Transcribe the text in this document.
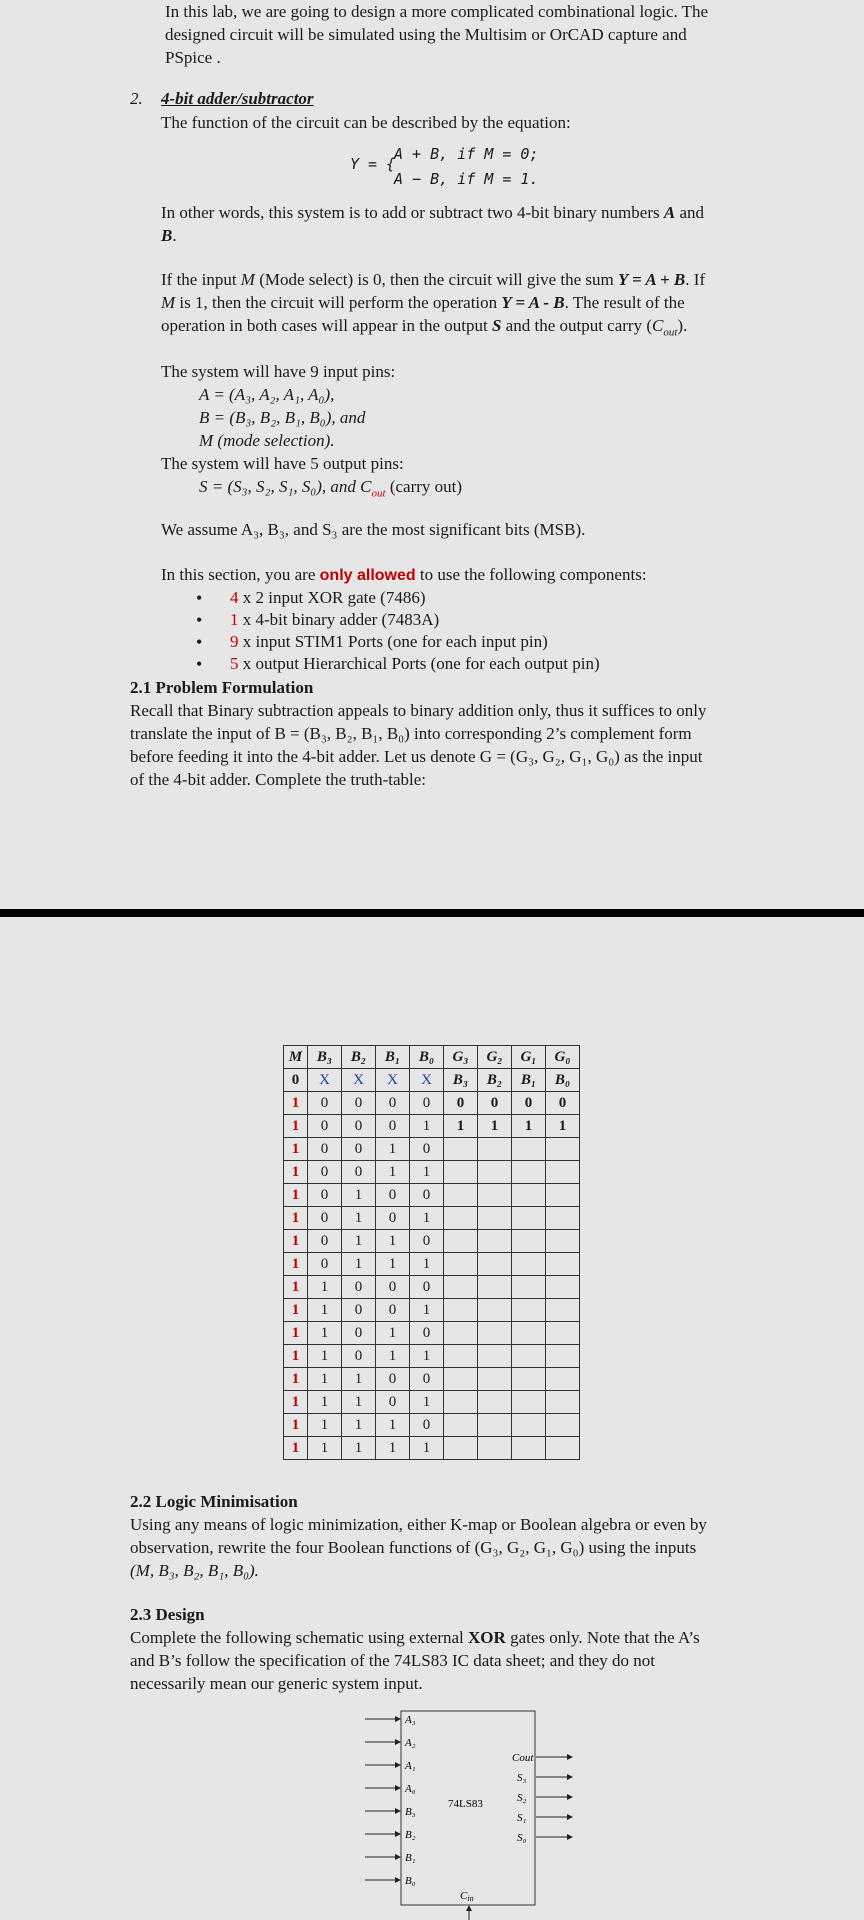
In this lab, we are going to design a more complicated combinational logic. The
designed circuit will be simulated using the Multisim or OrCAD capture and
PSpice .
2. 4-bit adder/subtractor
The function of the circuit can be described by the equation:
Y = {
A + B, if M = 0;
A − B, if M = 1.
In other words, this system is to add or subtract two 4-bit binary numbers A and
B.
If the input M (Mode select) is 0, then the circuit will give the sum Y = A + B. If
M is 1, then the circuit will perform the operation Y = A - B. The result of the
operation in both cases will appear in the output S and the output carry $(C_{out})$.
The system will have 9 input pins:
A = (A₃, A₂, A₁, A₀),
B = (B₃, B₂, B₁, B₀), and
M (mode selection).
The system will have 5 output pins:
S = (S₃, S₂, S₁, S₀), and $C_{out}$ (carry out)
We assume A₃, B₃, and S₃ are the most significant bits (MSB).
In this section, you are only allowed to use the following components:
• 4 x 2 input XOR gate (7486)
• 1 x 4-bit binary adder (7483A)
• 9 x input STIM1 Ports (one for each input pin)
• 5 x output Hierarchical Ports (one for each output pin)
2.1 Problem Formulation
Recall that Binary subtraction appeals to binary addition only, thus it suffices to only
translate the input of B = (B₃, B₂, B₁, B₀) into corresponding 2’s complement form
before feeding it into the 4-bit adder. Let us denote G = (G₃, G₂, G₁, G₀) as the input
of the 4-bit adder. Complete the truth-table:
M	B₃	B₂	B₁	B₀	G₃	G₂	G₁	G₀
0	X	X	X	X	B₃	B₂	B₁	B₀
1	0	0	0	0	0	0	0	0
1	0	0	0	1	1	1	1	1
1	0	0	1	0				
1	0	0	1	1				
1	0	1	0	0				
1	0	1	0	1				
1	0	1	1	0				
1	0	1	1	1				
1	1	0	0	0				
1	1	0	0	1				
1	1	0	1	0				
1	1	0	1	1				
1	1	1	0	0				
1	1	1	0	1				
1	1	1	1	0				
1	1	1	1	1				
2.2 Logic Minimisation
Using any means of logic minimization, either K-map or Boolean algebra or even by
observation, rewrite the four Boolean functions of (G₃, G₂, G₁, G₀) using the inputs
(M, B₃, B₂, B₁, B₀).
2.3 Design
Complete the following schematic using external XOR gates only. Note that the A’s
and B’s follow the specification of the 74LS83 IC data sheet; and they do not
necessarily mean our generic system input.
74LS83
A₃
A₂
A₁
A₀
B₃
B₂
B₁
B₀
Cout
S₃
S₂
S₁
S₀
Cin
